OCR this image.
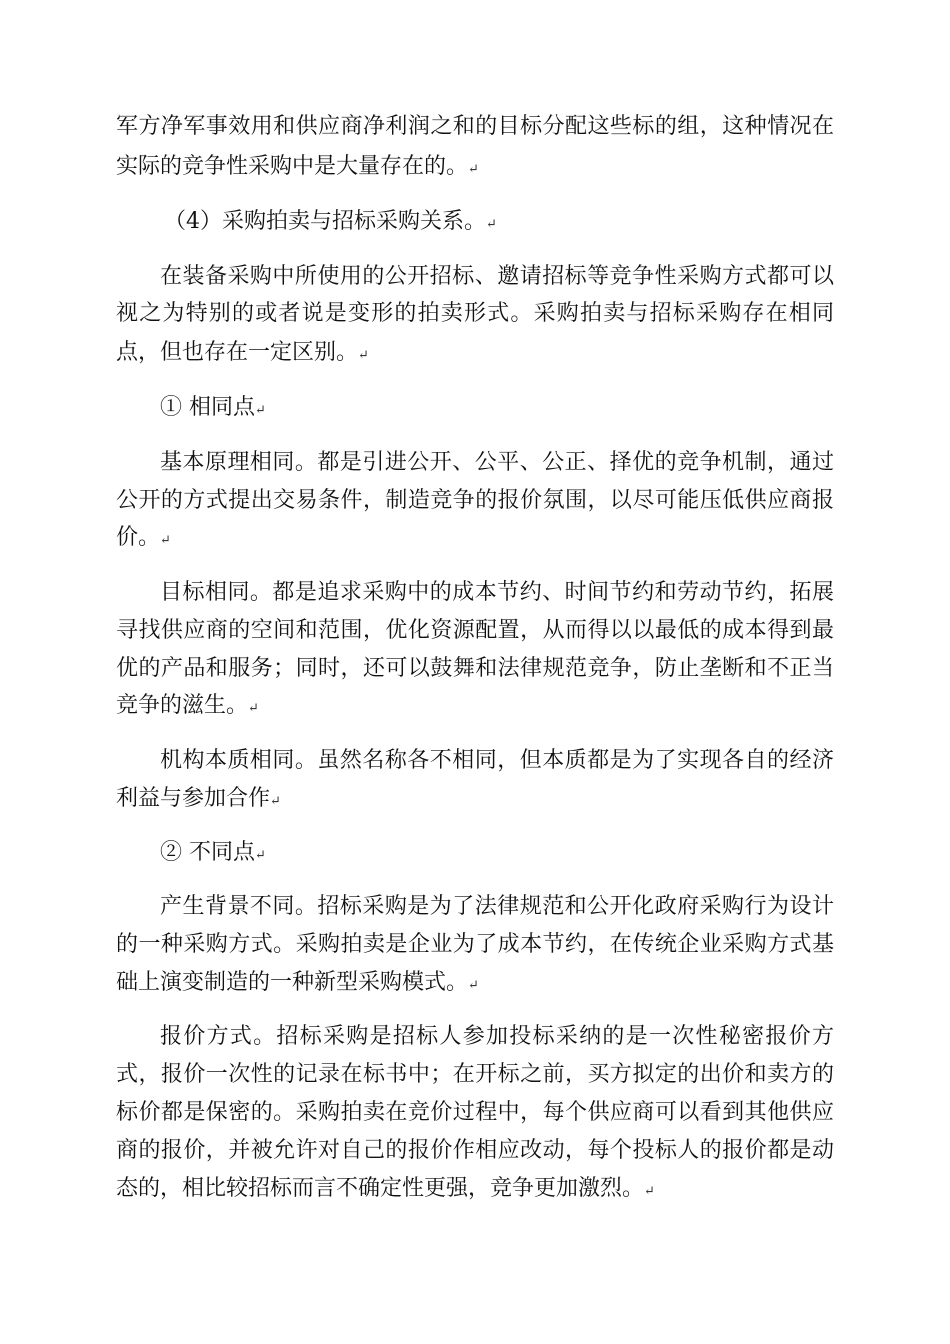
军方净军事效用和供应商净利润之和的目标分配这些标的组，这种情况在
实际的竞争性采购中是大量存在的。↵
（4）采购拍卖与招标采购关系。↵
在装备采购中所使用的公开招标、邀请招标等竞争性采购方式都可以
视之为特别的或者说是变形的拍卖形式。采购拍卖与招标采购存在相同
点，但也存在一定区别。↵
① 相同点↵
基本原理相同。都是引进公开、公平、公正、择优的竞争机制，通过
公开的方式提出交易条件，制造竞争的报价氛围，以尽可能压低供应商报
价。↵
目标相同。都是追求采购中的成本节约、时间节约和劳动节约，拓展
寻找供应商的空间和范围，优化资源配置，从而得以以最低的成本得到最
优的产品和服务；同时，还可以鼓舞和法律规范竞争，防止垄断和不正当
竞争的滋生。↵
机构本质相同。虽然名称各不相同，但本质都是为了实现各自的经济
利益与参加合作↵
② 不同点↵
产生背景不同。招标采购是为了法律规范和公开化政府采购行为设计
的一种采购方式。采购拍卖是企业为了成本节约，在传统企业采购方式基
础上演变制造的一种新型采购模式。↵
报价方式。招标采购是招标人参加投标采纳的是一次性秘密报价方
式，报价一次性的记录在标书中；在开标之前，买方拟定的出价和卖方的
标价都是保密的。采购拍卖在竞价过程中，每个供应商可以看到其他供应
商的报价，并被允许对自己的报价作相应改动，每个投标人的报价都是动
态的，相比较招标而言不确定性更强，竞争更加激烈。↵
